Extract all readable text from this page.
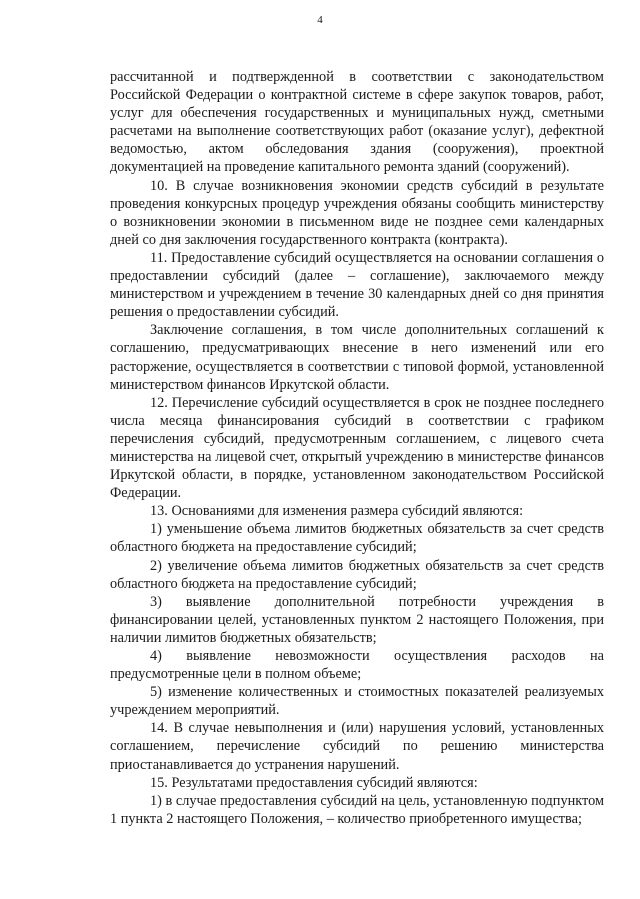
4

рассчитанной и подтвержденной в соответствии с законодательством Российской Федерации о контрактной системе в сфере закупок товаров, работ, услуг для обеспечения государственных и муниципальных нужд, сметными расчетами на выполнение соответствующих работ (оказание услуг), дефектной ведомостью, актом обследования здания (сооружения), проектной документацией на проведение капитального ремонта зданий (сооружений).

10. В случае возникновения экономии средств субсидий в результате проведения конкурсных процедур учреждения обязаны сообщить министерству о возникновении экономии в письменном виде не позднее семи календарных дней со дня заключения государственного контракта (контракта).

11. Предоставление субсидий осуществляется на основании соглашения о предоставлении субсидий (далее – соглашение), заключаемого между министерством и учреждением в течение 30 календарных дней со дня принятия решения о предоставлении субсидий.

Заключение соглашения, в том числе дополнительных соглашений к соглашению, предусматривающих внесение в него изменений или его расторжение, осуществляется в соответствии с типовой формой, установленной министерством финансов Иркутской области.

12. Перечисление субсидий осуществляется в срок не позднее последнего числа месяца финансирования субсидий в соответствии с графиком перечисления субсидий, предусмотренным соглашением, с лицевого счета министерства на лицевой счет, открытый учреждению в министерстве финансов Иркутской области, в порядке, установленном законодательством Российской Федерации.

13. Основаниями для изменения размера субсидий являются:

1) уменьшение объема лимитов бюджетных обязательств за счет средств областного бюджета на предоставление субсидий;

2) увеличение объема лимитов бюджетных обязательств за счет средств областного бюджета на предоставление субсидий;

3) выявление дополнительной потребности учреждения в финансировании целей, установленных пунктом 2 настоящего Положения, при наличии лимитов бюджетных обязательств;

4) выявление невозможности осуществления расходов на предусмотренные цели в полном объеме;

5) изменение количественных и стоимостных показателей реализуемых учреждением мероприятий.

14. В случае невыполнения и (или) нарушения условий, установленных соглашением, перечисление субсидий по решению министерства приостанавливается до устранения нарушений.

15. Результатами предоставления субсидий являются:

1) в случае предоставления субсидий на цель, установленную подпунктом 1 пункта 2 настоящего Положения, – количество приобретенного имущества;
